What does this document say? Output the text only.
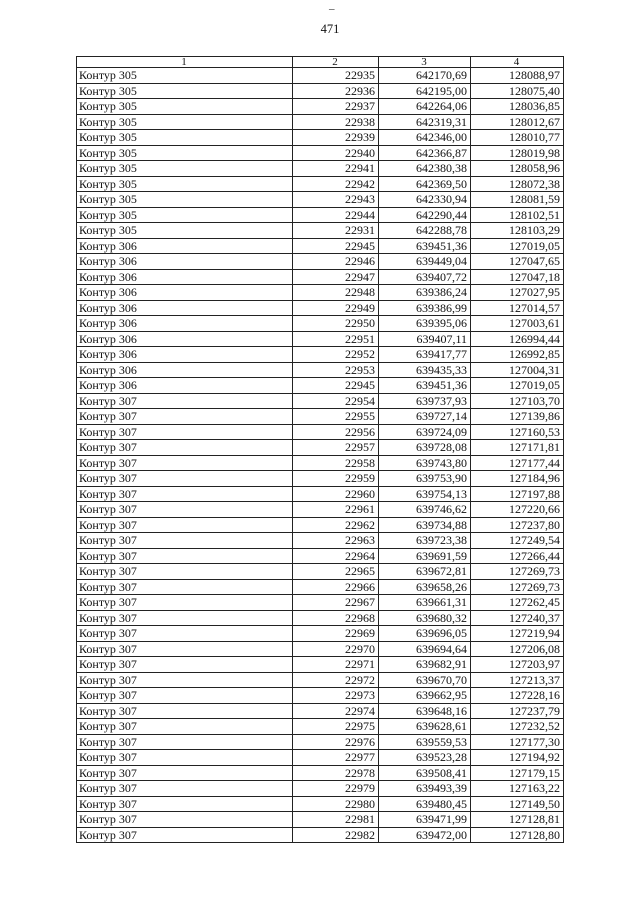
_
471
1	2	3	4
Контур 305	22935	642170,69	128088,97
Контур 305	22936	642195,00	128075,40
Контур 305	22937	642264,06	128036,85
Контур 305	22938	642319,31	128012,67
Контур 305	22939	642346,00	128010,77
Контур 305	22940	642366,87	128019,98
Контур 305	22941	642380,38	128058,96
Контур 305	22942	642369,50	128072,38
Контур 305	22943	642330,94	128081,59
Контур 305	22944	642290,44	128102,51
Контур 305	22931	642288,78	128103,29
Контур 306	22945	639451,36	127019,05
Контур 306	22946	639449,04	127047,65
Контур 306	22947	639407,72	127047,18
Контур 306	22948	639386,24	127027,95
Контур 306	22949	639386,99	127014,57
Контур 306	22950	639395,06	127003,61
Контур 306	22951	639407,11	126994,44
Контур 306	22952	639417,77	126992,85
Контур 306	22953	639435,33	127004,31
Контур 306	22945	639451,36	127019,05
Контур 307	22954	639737,93	127103,70
Контур 307	22955	639727,14	127139,86
Контур 307	22956	639724,09	127160,53
Контур 307	22957	639728,08	127171,81
Контур 307	22958	639743,80	127177,44
Контур 307	22959	639753,90	127184,96
Контур 307	22960	639754,13	127197,88
Контур 307	22961	639746,62	127220,66
Контур 307	22962	639734,88	127237,80
Контур 307	22963	639723,38	127249,54
Контур 307	22964	639691,59	127266,44
Контур 307	22965	639672,81	127269,73
Контур 307	22966	639658,26	127269,73
Контур 307	22967	639661,31	127262,45
Контур 307	22968	639680,32	127240,37
Контур 307	22969	639696,05	127219,94
Контур 307	22970	639694,64	127206,08
Контур 307	22971	639682,91	127203,97
Контур 307	22972	639670,70	127213,37
Контур 307	22973	639662,95	127228,16
Контур 307	22974	639648,16	127237,79
Контур 307	22975	639628,61	127232,52
Контур 307	22976	639559,53	127177,30
Контур 307	22977	639523,28	127194,92
Контур 307	22978	639508,41	127179,15
Контур 307	22979	639493,39	127163,22
Контур 307	22980	639480,45	127149,50
Контур 307	22981	639471,99	127128,81
Контур 307	22982	639472,00	127128,80
